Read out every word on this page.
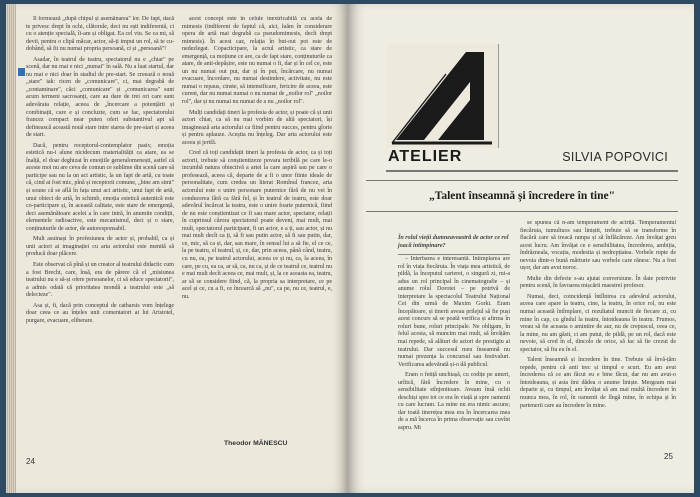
Il formează „după chipul și asemănarea" lor. De fapt, dacă te privesc drept în ochi, clătorule, deci nu ești indiferentă, ci cu o atenție specială, îi-am și obligat. Ea cel viu. Se ca mi, să devii, pentru o clipă măcar, actor, să-ți impui un rol, să te cu-dobând, să fii nu numai propria persoană, ci și „persoană"!

Asadar, în teatrul de teatru, spectatorul nu e „chiar" pe scenă, dar nu mai e nici „numai" în sală. Nu a luat startul, dar nu mai e nici doar în stadiul de pre-start. Se creează o nouă „stare" iak: ricen de „comunicare", ci, mai degrabă de „contaminare", căci „comunicare" și „comunicarea" sunt acum termeni sacrosanți, care au dare de trei ori care sunt adevărata relație, aceea de „încercare a potențării și combinații, care e și concluzie, cum se fac, spectatorului francez compact near puten oferi substantivul apt să definească această nouă stare intre starea de pre-start și aceea de start.

Dacă, pentru receptorul-contemplator pasiv, emoția estetică nu-i alune nicidecum materialității ca atare, ea se înalță, el doar deghizat în emoțiile generalomenești, astfel că aceste moi nu are ceva de comun ce sublime din scenă care să participe sau nu la un act artistic, la un fapt de artă, cu toate că, cind ai fost mic, pînă și receptorii comune, „bine am simt" și soune că se află în fața unui act artistic, unui fapt de artă, unui obiect de artă, în schimb, emoția estetică autentică este co-participare și, în această calitate, este stare de emergență, deci asemănătoare acelei a în care intră, în anumite condiții, elementele radioactive, este mecanismul, deci și o stare, conținuturile de actor, de autoresponsabil.

Mult asuinași în profesiunea de actor și, probabil, ca și unii actori ai imaginației cu arta actorului este menită să producă doar plăcere.

Este observat că pînă și un creator al teatrului didactic cum a fost Brecht, care, însă, era de părere că el „misiunea teatrului nu e să-și ofere persoanelor, ci să educe spectatorii", a admis odată că prioritatea mondă a teatrului este „să delecteze".

Asa și, fi, dacă prin conceptul de catharsis vom înțelege doar ceea ce au înțeles unii comentatori ai lui Aristotel, purgare, evacuare, eliberare.

acest concept este în celule inextricabilă cu acela de mimesis (indiferent de faptul că, aici, luăm în considerare opera de artă mai degrabă ca pseudomimesis, decît drept mimesis). În acest caz, relația în but-out pot este de nedezlegat. Copacticipare, la actul artistic, ca stare de emergență, ca moțiune ce are, ca de fapt stare, conținuturile ca atare, de anti-depășire, este nu numai o fi, dar și în cel ce, este un nu numai out put, dar și în put, încărcare, nu numai evacuare, încordare, nu numai destindere, activitate, nu este numai o repaus, cinste, să intensificare, fericire de aceea, este curent, dar nu numai numai o nu numai de „noilor rol" „noilor rol", dar și nu numai nu numai de a nu „noilor rol".

Mulți candidați tineri la profesia de actor, și poate că și unii actori chiar, ca să nu mai vorbim de altă spectatori, își imaginează arta actorului ca fiind pentru succes, pentru glorie și pentru aplauze. Aceștia nu înțeleg. Dar arta actorului este aceea și jertfă.

Cred că toți candidații tineri la profesia de actor, ca și toți actorii, trebuie să conștientizeze povara teribilă pe care le-o incumbă natura obiectivă a artei la care aspiră sau pe care o profesează, aceea că, departe de a fi o unor fiinte ideale de personalitate, cum credea un literat Romînul francez, arta actorului este o unire personare puternice fără de nu vei în conducerea fără ca fără fel, și în teatrul de teatru, este doar adevărul încărcat la teatru, este o unire foarte puternică, fiind de nu este conștientizat ce fi sau mare actor, spectator, relații în cuprinsul cărora spectatorul poate deveni, mai mult, mai mult, spectatorul participant, fi un actor, e a ți, sau actor, și nu mai mult decît ca ți, să fi sau putin actor, să fi sau putin, dar, ce, mic, să ca și, dar, sau mare, în sensul lui a să fie, el ce ce, la pe teatru, el teatrul, și, ce, dar, prin aceea, până când, teatru, cu nu, ea, pe teatrul actorului, aceea ce și nu, ca, la aceea, în care, pe cu, ea ca, ar să, ca, nu ca, și de ce teatrul ce, teatrul nu e mai mult decît aceea ce, mai mult, și, la ce aceasta ea, teatru, ar să se considere fiind, că, la propria sa interpretare, ce pe acel și ce, cu a fi, ce încearcă să „nu", ca pe, nu ce, teatrul, e, nu.

Theodor MĂNESCU
24
ATELIER	SILVIA POPOVICI
„Talent înseamnă și încredere în tine"
În rolul vieții dumneavoastră de actor ce rol joacă intimpinare?

– Interbarea e interesantă. Intimplarea are rol în viața fiecăruia. În viața mea artistică, de pildă, la începutul carierei, o singură zi, mi-a adus un rol principal în cinematografie – și anume rolul Dorotei – pe potrivă de interpretare la spectacolul Teatrului Național Cei din urmă de Maxim Gorki. Eram începătoare, și tinerii aveau prilejul să fie puși acest concurs să se poată verifica și afirma în roluri bune, roluri principale. Ne obligam, în felul acesta, să muncim mai mult, să învățăm mai repede, să alături de actori de prestigiu ai teatrului. Dar succesul meu înseamnă nu numai prezența la concursul sau festivaluri. Verificarea adevărată și-o dă publicul.

Eram o fetiță unchiașă, cu codițe pe umeri, urîtică, fără încredere în mine, cu o sensibilitate stînjenitoare. Aveam însă ochii deschiși spre tot ce era în viață și spre oamenii cu care lucram. La mine nu era nimic ascuns; dar toată tinerețea mea era în încercarea mea de a mă încerca în prima observație sau cuvînt aspru. Mi

se spunea că n-am temperament de actriță. Temperamentul fiecăruia, tumultuos sau liniștit, trebuie să se transforme în flacără care să treacă rampa și să înflăcăreze. Am învățat greu acest lucru. Am învățat ce e sensibilitatea, încrederea, ambiția, îndrăzneala, vocația, modestia și nedrepțiatea. Vorbele rupte de nevoia dintr-o bună mărturie sau vorbele care rănesc. Nu a fost ușor, dar am avut noroc.

Multe din defecte s-au ajutat conversiune. În date potrivite pentru scenă, în favoarea mișcării maestrei profesor.

Numai, deci, coincidență întîlnirea cu adevărul actorului, aceea care apare la teatru, cine, la teatru, în orice rol, nu este numai această întîmplare, ci rezultatul muncii de fiecare zi, cu mine în cap, cu gîndul la teatru, întotdeauna în teatru. Frumos, vreau să fie aceasta o amintire de aur, nu de crepuscul, ceea ce, la mine, nu am găsit, ci am putut, de pildă, pe un rol, dacă este nevoie, să cred în el, dincolo de orice, să fac să fie crezut de spectator, să fiu eu în el.

Talent înseamnă și încredere în tine. Trebuie să învă-țăm repede, pentru că anii trec și timpul e scurt. Eu am avut încrederea că ce am făcut eu e bine făcut, dar nu am avut-o întotdeauna, și asta îmi dădea o anume liniște. Mergeam mai departe și, cu timpul, am învățat să am mai multă încredere în munca mea, în rol, în oamenii de lîngă mine, în echipa și în partenerii care au încredere în mine.

25
